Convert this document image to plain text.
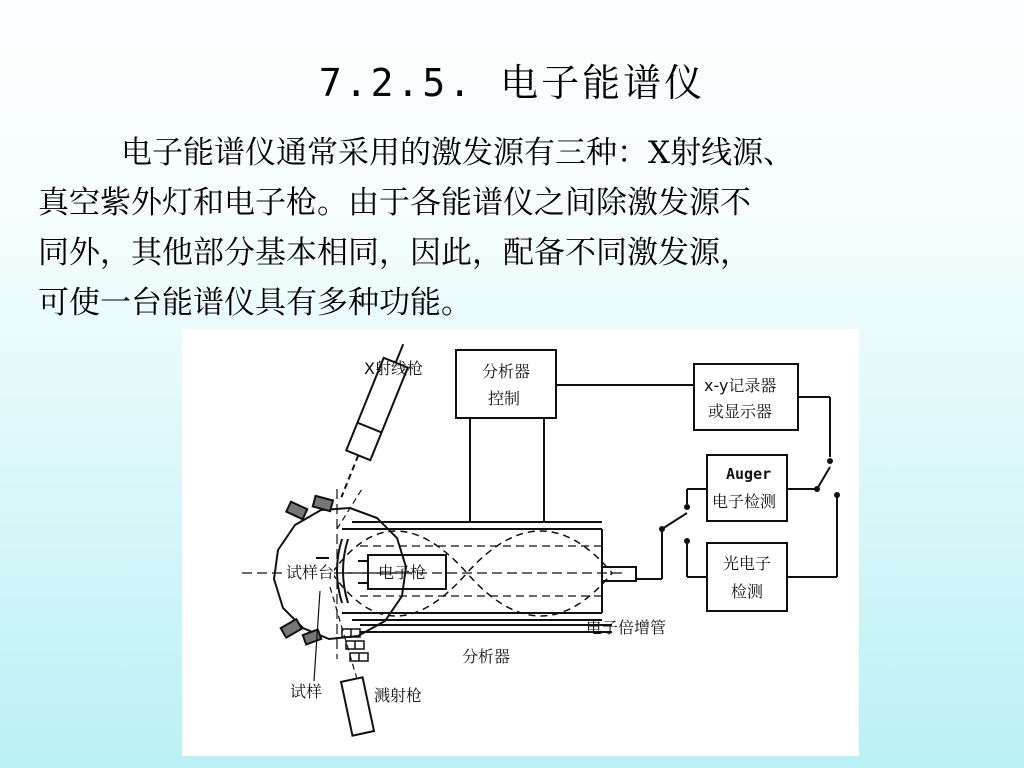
7.2.5. 电子能谱仪
电子能谱仪通常采用的激发源有三种：X射线源、
真空紫外灯和电子枪。由于各能谱仪之间除激发源不
同外，其他部分基本相同，因此，配备不同激发源，
可使一台能谱仪具有多种功能。
X射线枪	分析器
控制
x-y记录器
或显示器
Auger
电子检测
光电子
检测
试样台	电子枪
电子倍增管
分析器
试样	溅射枪
